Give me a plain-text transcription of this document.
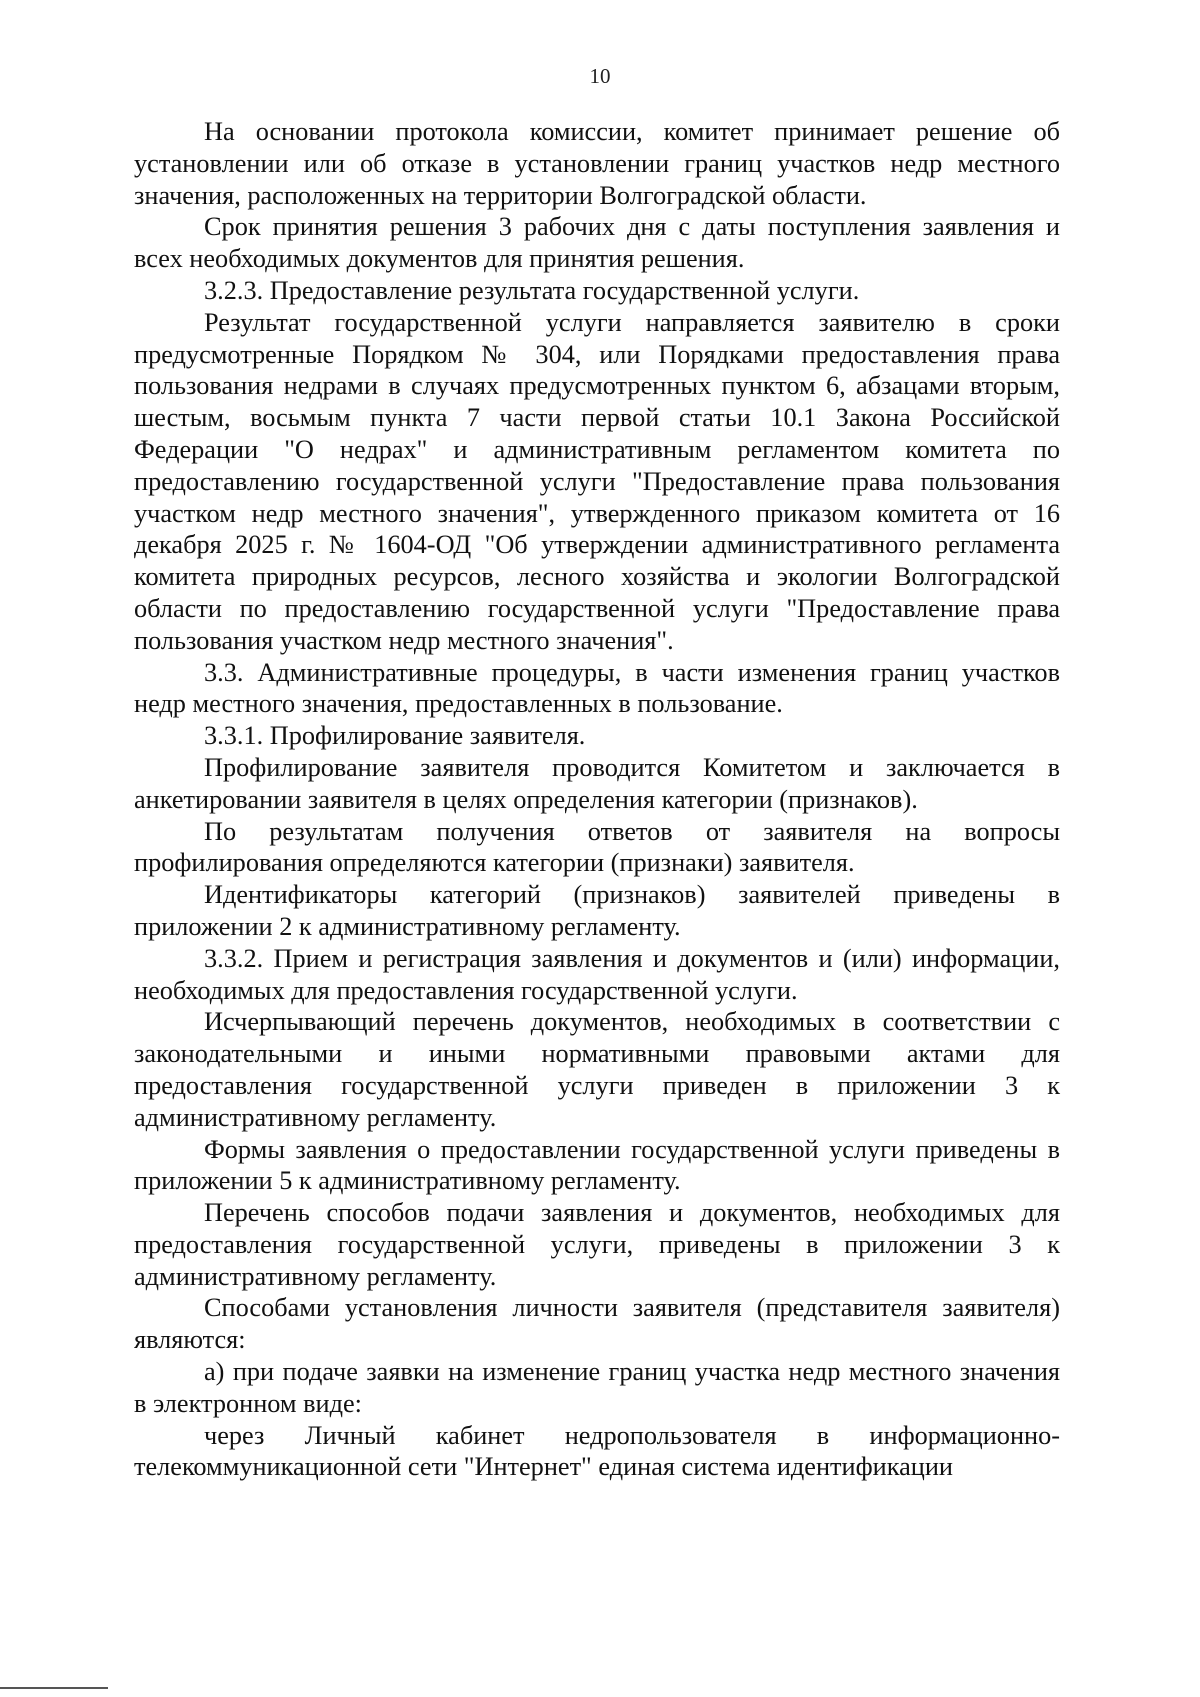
10

На основании протокола комиссии, комитет принимает решение об установлении или об отказе в установлении границ участков недр местного значения, расположенных на территории Волгоградской области.

Срок принятия решения 3 рабочих дня с даты поступления заявления и всех необходимых документов для принятия решения.

3.2.3. Предоставление результата государственной услуги.

Результат государственной услуги направляется заявителю в сроки предусмотренные Порядком № 304, или Порядками предоставления права пользования недрами в случаях предусмотренных пунктом 6, абзацами вторым, шестым, восьмым пункта 7 части первой статьи 10.1 Закона Российской Федерации "О недрах" и административным регламентом комитета по предоставлению государственной услуги "Предоставление права пользования участком недр местного значения", утвержденного приказом комитета от 16 декабря 2025 г. № 1604-ОД "Об утверждении административного регламента комитета природных ресурсов, лесного хозяйства и экологии Волгоградской области по предоставлению государственной услуги "Предоставление права пользования участком недр местного значения".

3.3. Административные процедуры, в части изменения границ участков недр местного значения, предоставленных в пользование.

3.3.1. Профилирование заявителя.

Профилирование заявителя проводится Комитетом и заключается в анкетировании заявителя в целях определения категории (признаков).

По результатам получения ответов от заявителя на вопросы профилирования определяются категории (признаки) заявителя.

Идентификаторы категорий (признаков) заявителей приведены в приложении 2 к административному регламенту.

3.3.2. Прием и регистрация заявления и документов и (или) информации, необходимых для предоставления государственной услуги.

Исчерпывающий перечень документов, необходимых в соответствии с законодательными и иными нормативными правовыми актами для предоставления государственной услуги приведен в приложении 3 к административному регламенту.

Формы заявления о предоставлении государственной услуги приведены в приложении 5 к административному регламенту.

Перечень способов подачи заявления и документов, необходимых для предоставления государственной услуги, приведены в приложении 3 к административному регламенту.

Способами установления личности заявителя (представителя заявителя) являются:

а) при подаче заявки на изменение границ участка недр местного значения в электронном виде:

через Личный кабинет недропользователя в информационно-телекоммуникационной сети "Интернет" единая система идентификации
